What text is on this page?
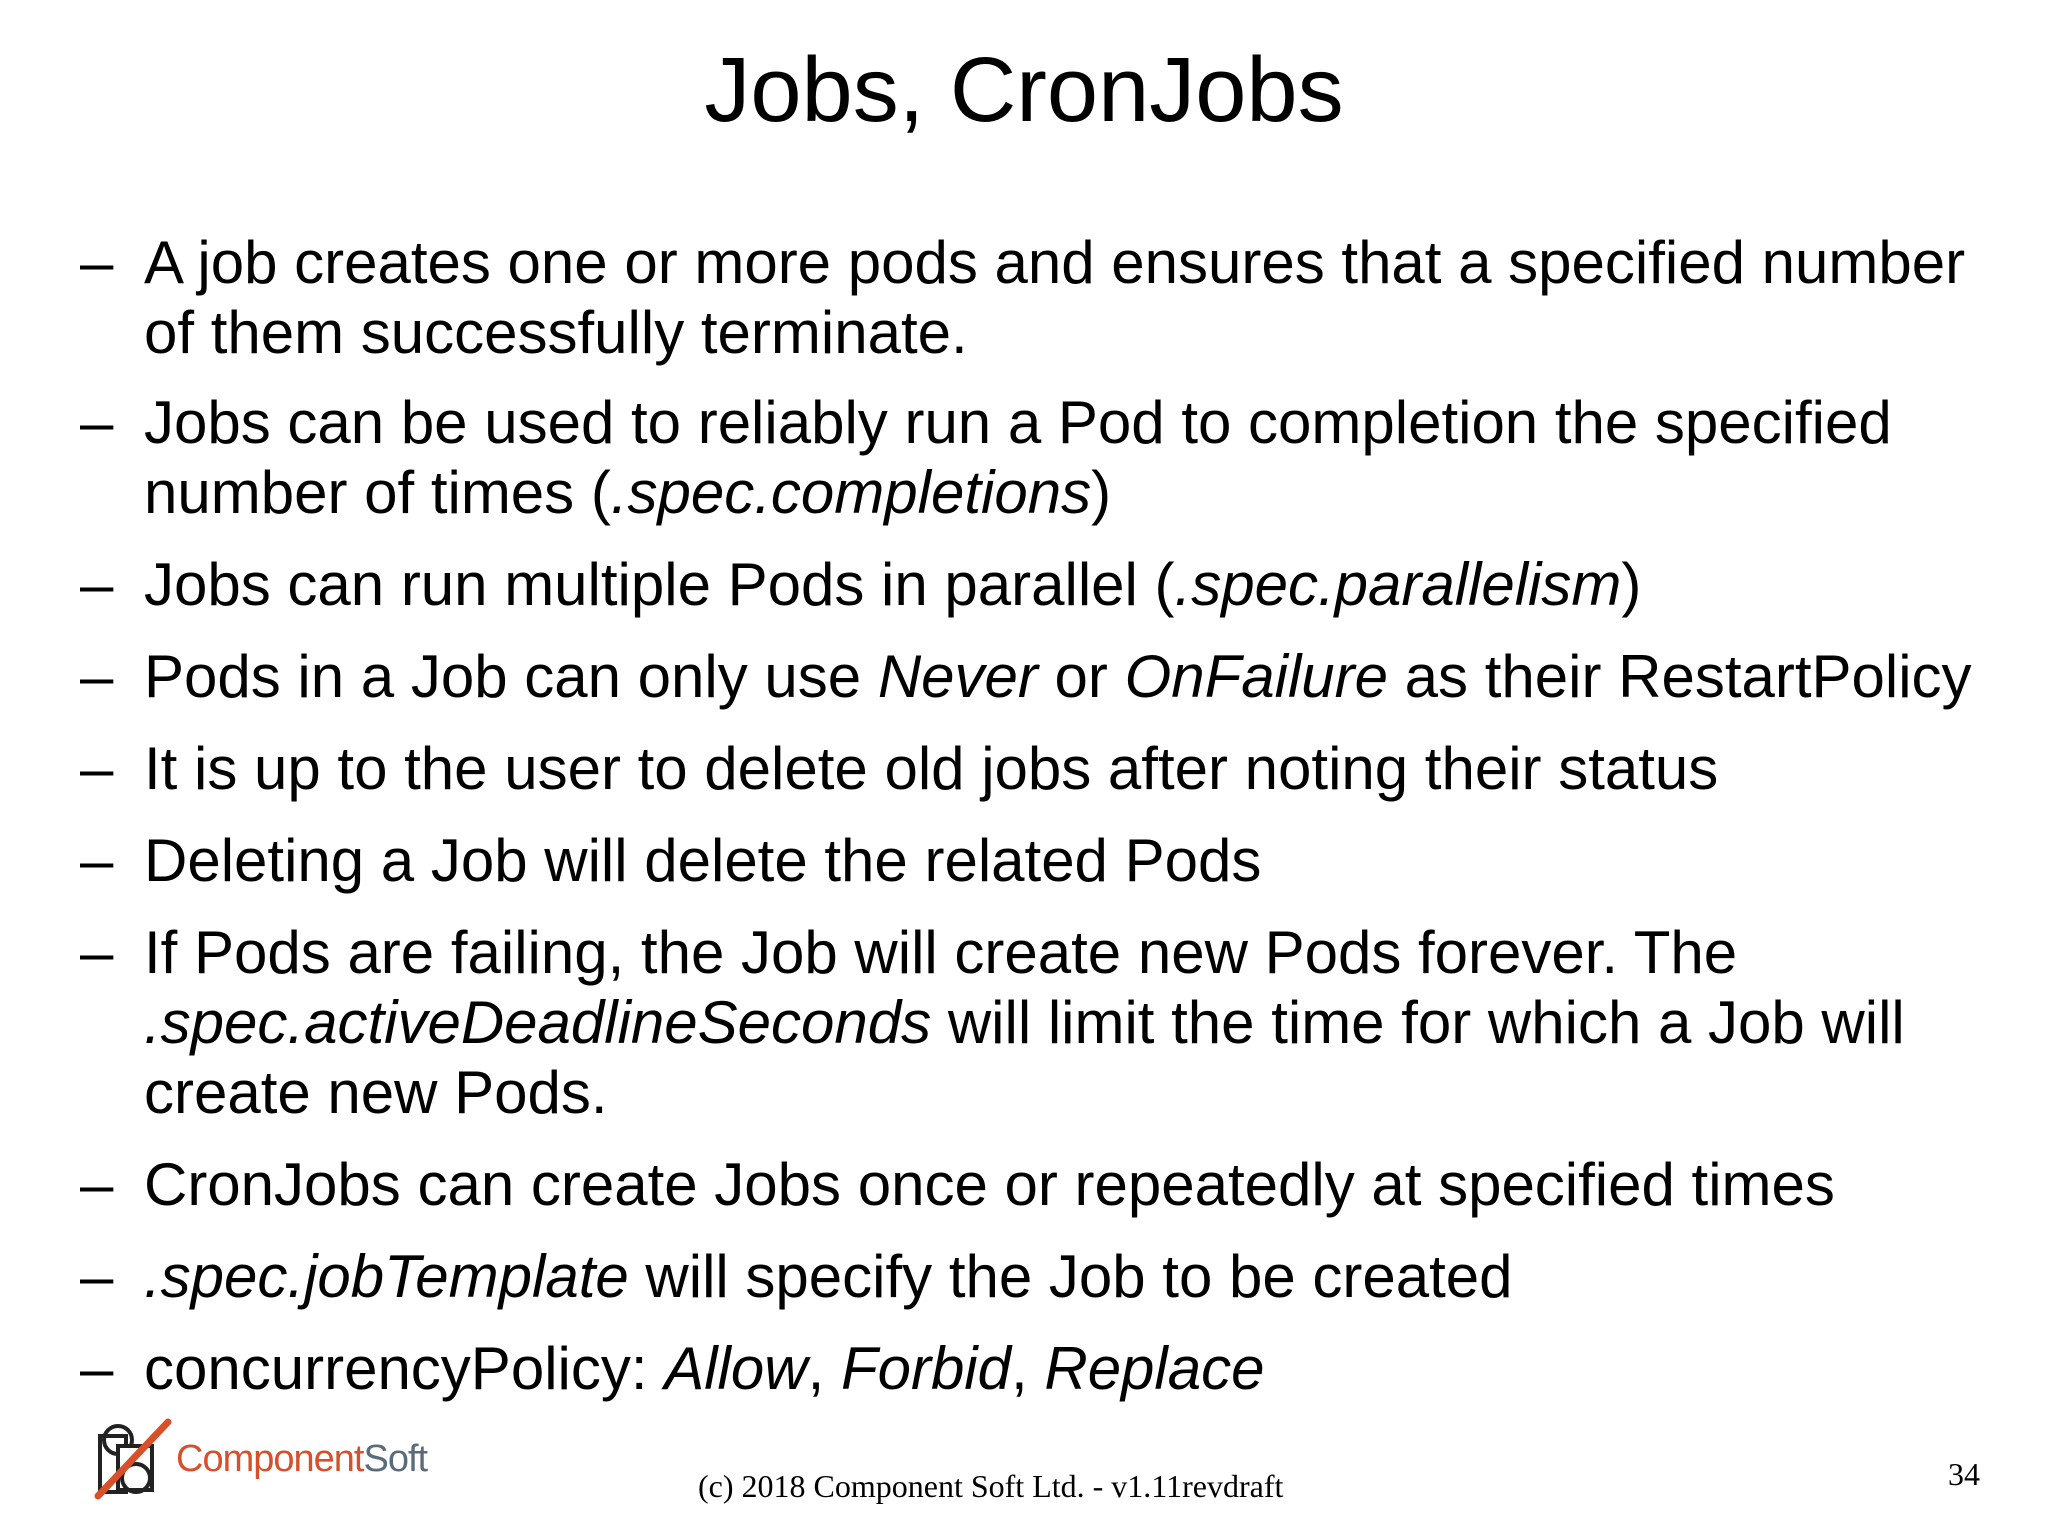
Jobs, CronJobs
– A job creates one or more pods and ensures that a specified number
of them successfully terminate.
– Jobs can be used to reliably run a Pod to completion the specified
number of times (.spec.completions)
– Jobs can run multiple Pods in parallel (.spec.parallelism)
– Pods in a Job can only use Never or OnFailure as their RestartPolicy
– It is up to the user to delete old jobs after noting their status
– Deleting a Job will delete the related Pods
– If Pods are failing, the Job will create new Pods forever. The
.spec.activeDeadlineSeconds will limit the time for which a Job will
create new Pods.
– CronJobs can create Jobs once or repeatedly at specified times
– .spec.jobTemplate will specify the Job to be created
– concurrencyPolicy: Allow, Forbid, Replace
ComponentSoft
(c) 2018 Component Soft Ltd. - v1.11revdraft	34
